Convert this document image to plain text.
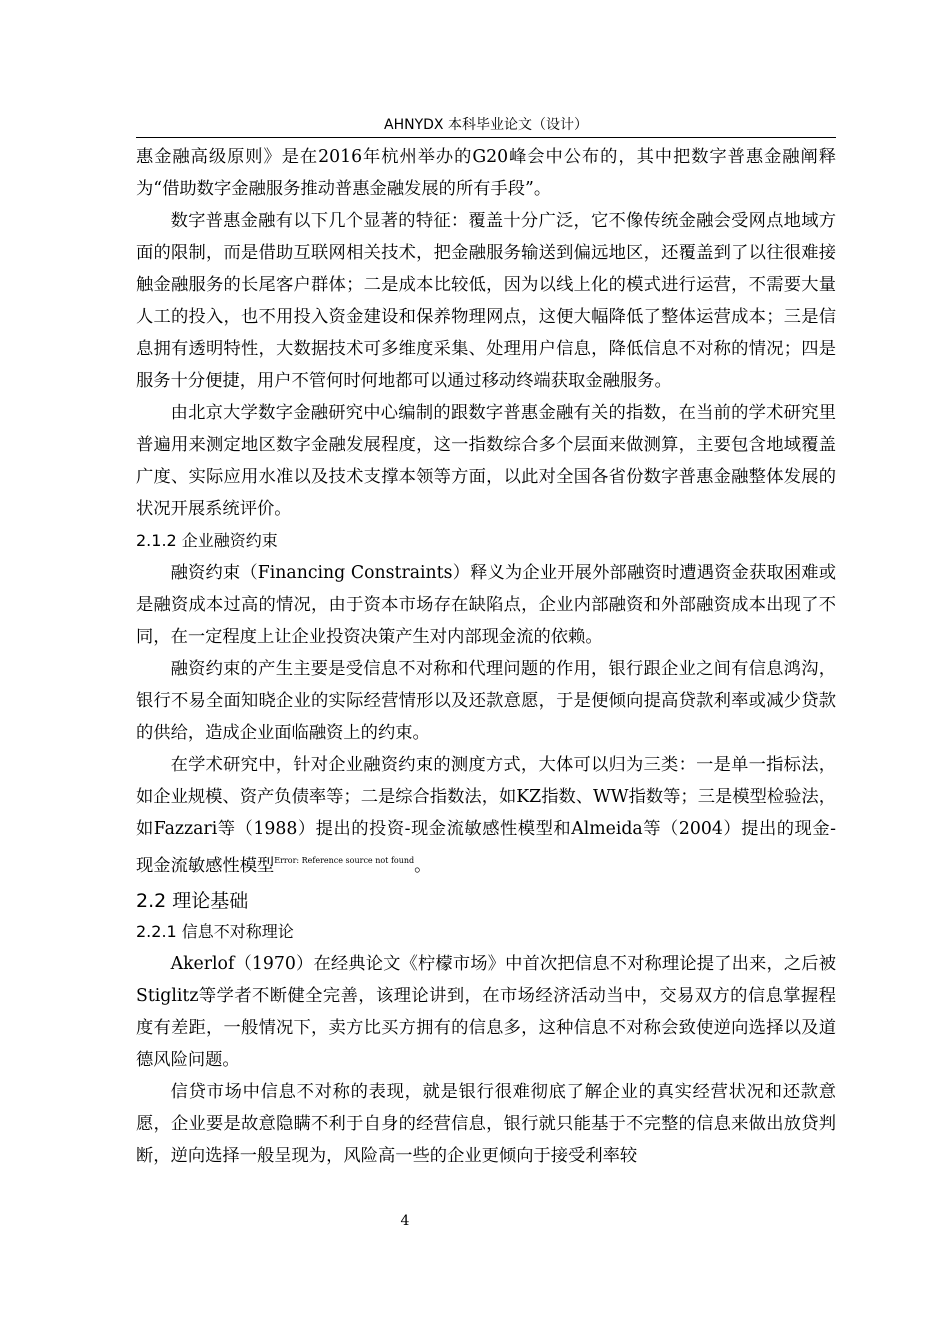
AHNYDX 本科毕业论文（设计）

惠金融高级原则》是在2016年杭州举办的G20峰会中公布的，其中把数字普惠金融阐释为“借助数字金融服务推动普惠金融发展的所有手段”。

数字普惠金融有以下几个显著的特征：覆盖十分广泛，它不像传统金融会受网点地域方面的限制，而是借助互联网相关技术，把金融服务输送到偏远地区，还覆盖到了以往很难接触金融服务的长尾客户群体；二是成本比较低，因为以线上化的模式进行运营，不需要大量人工的投入，也不用投入资金建设和保养物理网点，这便大幅降低了整体运营成本；三是信息拥有透明特性，大数据技术可多维度采集、处理用户信息，降低信息不对称的情况；四是服务十分便捷，用户不管何时何地都可以通过移动终端获取金融服务。

由北京大学数字金融研究中心编制的跟数字普惠金融有关的指数，在当前的学术研究里普遍用来测定地区数字金融发展程度，这一指数综合多个层面来做测算，主要包含地域覆盖广度、实际应用水准以及技术支撑本领等方面，以此对全国各省份数字普惠金融整体发展的状况开展系统评价。

2.1.2 企业融资约束

融资约束（Financing Constraints）释义为企业开展外部融资时遭遇资金获取困难或是融资成本过高的情况，由于资本市场存在缺陷点，企业内部融资和外部融资成本出现了不同，在一定程度上让企业投资决策产生对内部现金流的依赖。

融资约束的产生主要是受信息不对称和代理问题的作用，银行跟企业之间有信息鸿沟，银行不易全面知晓企业的实际经营情形以及还款意愿，于是便倾向提高贷款利率或减少贷款的供给，造成企业面临融资上的约束。

在学术研究中，针对企业融资约束的测度方式，大体可以归为三类：一是单一指标法，如企业规模、资产负债率等；二是综合指数法，如KZ指数、WW指数等；三是模型检验法，如Fazzari等（1988）提出的投资-现金流敏感性模型和Almeida等（2004）提出的现金-现金流敏感性模型$^{Error: Reference source not found}$。

2.2 理论基础
2.2.1 信息不对称理论

Akerlof（1970）在经典论文《柠檬市场》中首次把信息不对称理论提了出来，之后被Stiglitz等学者不断健全完善，该理论讲到，在市场经济活动当中，交易双方的信息掌握程度有差距，一般情况下，卖方比买方拥有的信息多，这种信息不对称会致使逆向选择以及道德风险问题。

信贷市场中信息不对称的表现，就是银行很难彻底了解企业的真实经营状况和还款意愿，企业要是故意隐瞒不利于自身的经营信息，银行就只能基于不完整的信息来做出放贷判断，逆向选择一般呈现为，风险高一些的企业更倾向于接受利率较

4
